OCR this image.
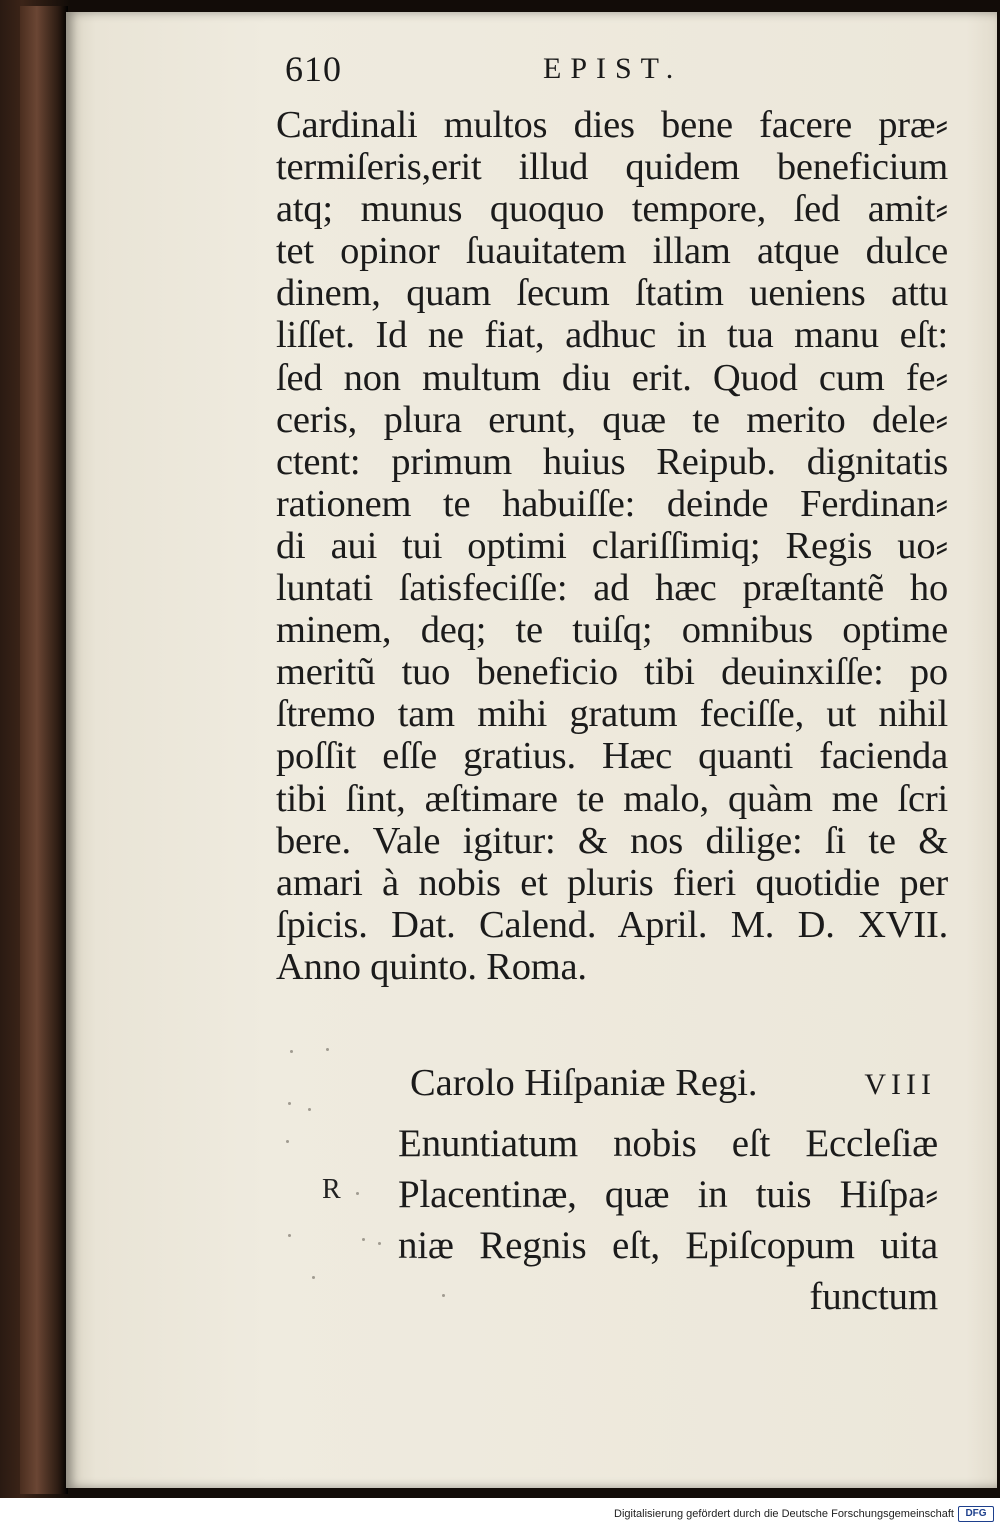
610	EPIST.
Cardinali multos dies bene facere præ⸗
termiſeris,erit illud quidem beneficium
atq; munus quoquo tempore, ſed amit⸗
tet opinor ſuauitatem illam atque dulce
dinem, quam ſecum ſtatim ueniens attu
liſſet. Id ne fiat, adhuc in tua manu eſt:
ſed non multum diu erit. Quod cum fe⸗
ceris, plura erunt, quæ te merito dele⸗
ctent: primum huius Reipub. dignitatis
rationem te habuiſſe: deinde Ferdinan⸗
di aui tui optimi clariſſimiq; Regis uo⸗
luntati ſatisfeciſſe: ad hæc præſtantẽ ho
minem, deq; te tuiſq; omnibus optime
meritũ tuo beneficio tibi deuinxiſſe: po
ſtremo tam mihi gratum feciſſe, ut nihil
poſſit eſſe gratius. Hæc quanti facienda
tibi ſint, æſtimare te malo, quàm me ſcri
bere. Vale igitur: & nos dilige: ſi te &
amari à nobis et pluris fieri quotidie per
ſpicis. Dat. Calend. April. M. D. XVII.
Anno quinto. Roma.
Carolo Hiſpaniæ Regi.	VIII
R
Enuntiatum nobis eſt Eccleſiæ
Placentinæ, quæ in tuis Hiſpa⸗
niæ Regnis eſt, Epiſcopum uita
functum
Digitalisierung gefördert durch die Deutsche Forschungsgemeinschaft	DFG
